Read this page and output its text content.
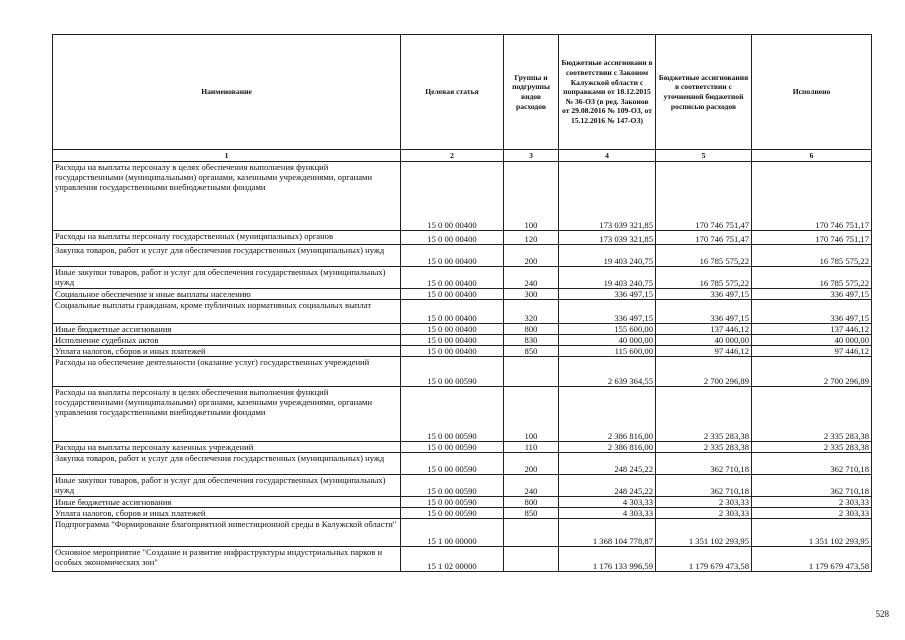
Наименование	Целевая статья	Группы и подгруппы видов расходов	Бюджетные ассигновани в соответствии с Законом Калужской области с поправками от 18.12.2015 № 36-ОЗ (в ред. Законов от 29.08.2016 № 109-ОЗ, от 15.12.2016 № 147-ОЗ)	Бюджетные ассигнования в соответствии с уточненной бюджетной росписью расходов	Исполнено
1	2	3	4	5	6
Расходы на выплаты персоналу в целях обеспечения выполнения функций государственными (муниципальными) органами, казенными учреждениями, органами управления государственными внебюджетными фондами	15 0 00 00400	100	173 039 321,85	170 746 751,47	170 746 751,17
Расходы на выплаты персоналу государственных (муниципальных) органов	15 0 00 00400	120	173 039 321,85	170 746 751,47	170 746 751,17
Закупка товаров, работ и услуг для обеспечения государственных (муниципальных) нужд	15 0 00 00400	200	19 403 240,75	16 785 575,22	16 785 575,22
Иные закупки товаров, работ и услуг для обеспечения государственных (муниципальных) нужд	15 0 00 00400	240	19 403 240,75	16 785 575,22	16 785 575,22
Социальное обеспечение и иные выплаты населению	15 0 00 00400	300	336 497,15	336 497,15	336 497,15
Социальные выплаты гражданам, кроме публичных нормативных социальных выплат	15 0 00 00400	320	336 497,15	336 497,15	336 497,15
Иные бюджетные ассигнования	15 0 00 00400	800	155 600,00	137 446,12	137 446,12
Исполнение судебных актов	15 0 00 00400	830	40 000,00	40 000,00	40 000,00
Уплата налогов, сборов и иных платежей	15 0 00 00400	850	115 600,00	97 446,12	97 446,12
Расходы на обеспечение деятельности (оказание услуг) государственных учреждений	15 0 00 00590		2 639 364,55	2 700 296,89	2 700 296,89
Расходы на выплаты персоналу в целях обеспечения выполнения функций государственными (муниципальными) органами, казенными учреждениями, органами управления государственными внебюджетными фондами	15 0 00 00590	100	2 386 816,00	2 335 283,38	2 335 283,38
Расходы на выплаты персоналу казенных учреждений	15 0 00 00590	110	2 386 816,00	2 335 283,38	2 335 283,38
Закупка товаров, работ и услуг для обеспечения государственных (муниципальных) нужд	15 0 00 00590	200	248 245,22	362 710,18	362 710,18
Иные закупки товаров, работ и услуг для обеспечения государственных (муниципальных) нужд	15 0 00 00590	240	248 245,22	362 710,18	362 710,18
Иные бюджетные ассигнования	15 0 00 00590	800	4 303,33	2 303,33	2 303,33
Уплата налогов, сборов и иных платежей	15 0 00 00590	850	4 303,33	2 303,33	2 303,33
Подпрограмма "Формирование благоприятной инвестиционной среды в Калужской области"	15 1 00 00000		1 368 104 778,87	1 351 102 293,95	1 351 102 293,95
Основное мероприятие "Создание и развитие инфраструктуры индустриальных парков и особых экономических зон"	15 1 02 00000		1 176 133 996,59	1 179 679 473,58	1 179 679 473,58
528
